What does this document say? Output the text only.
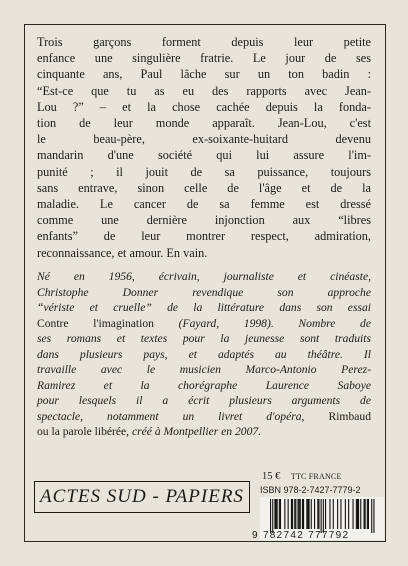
Trois garçons forment depuis leur petite
enfance une singulière fratrie. Le jour de ses
cinquante ans, Paul lâche sur un ton badin :
“Est-ce que tu as eu des rapports avec Jean-
Lou ?” – et la chose cachée depuis la fonda-
tion de leur monde apparaît. Jean-Lou, c'est
le beau-père, ex-soixante-huitard devenu
mandarin d'une société qui lui assure l'im-
punité ; il jouit de sa puissance, toujours
sans entrave, sinon celle de l'âge et de la
maladie. Le cancer de sa femme est dressé
comme une dernière injonction aux “libres
enfants” de leur montrer respect, admiration,
reconnaissance, et amour. En vain.

Né en 1956, écrivain, journaliste et cinéaste,
Christophe Donner revendique son approche
“vériste et cruelle” de la littérature dans son essai
Contre l'imagination (Fayard, 1998). Nombre de
ses romans et textes pour la jeunesse sont traduits
dans plusieurs pays, et adaptés au théâtre. Il
travaille avec le musicien Marco-Antonio Perez-
Ramirez et la chorégraphe Laurence Saboye
pour lesquels il a écrit plusieurs arguments de
spectacle, notamment un livret d'opéra, Rimbaud
ou la parole libérée, créé à Montpellier en 2007.

15 € TTC FRANCE
ISBN 978-2-7427-7779-2
ACTES SUD - PAPIERS
9 782742 777792
